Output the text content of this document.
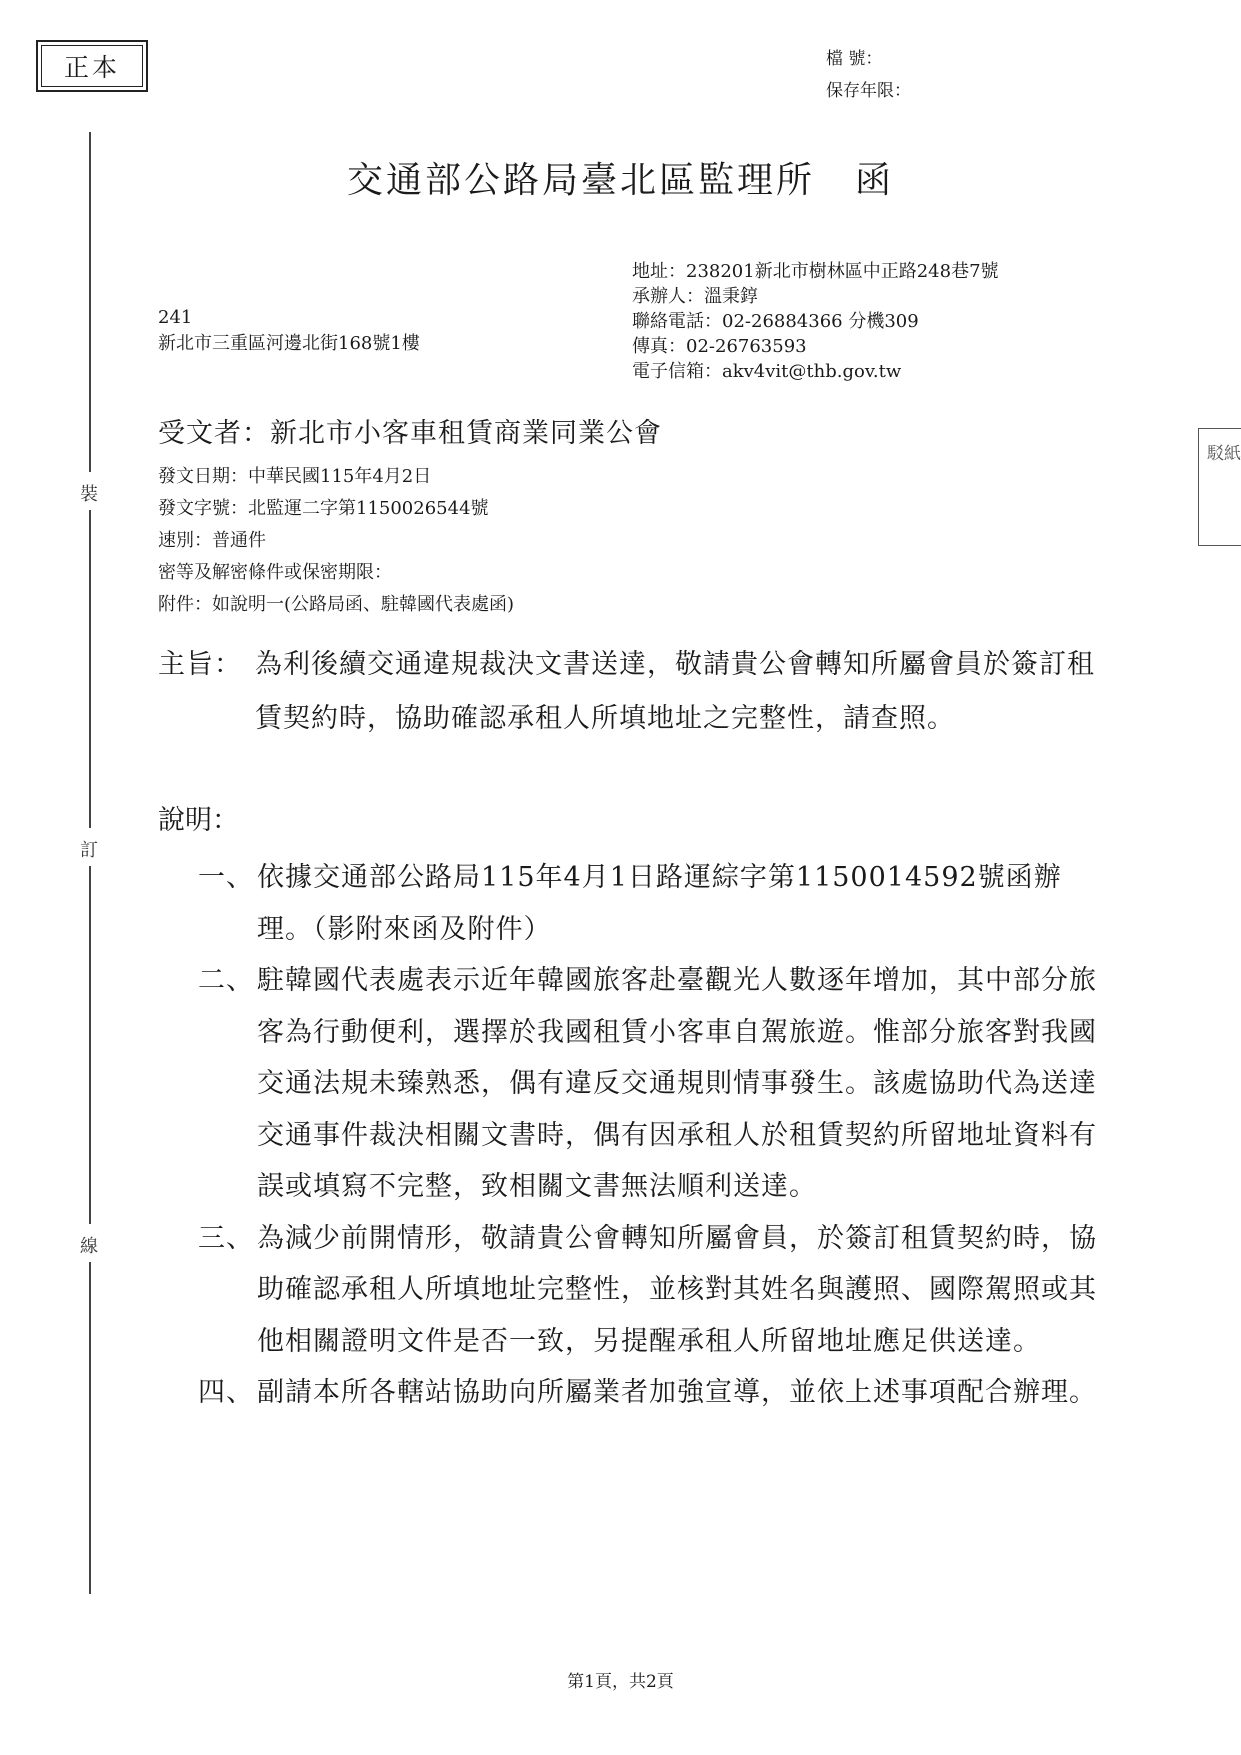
正本	檔 號：
保存年限：
裝
訂
線
駁紙
交通部公路局臺北區監理所 函
地址：238201新北市樹林區中正路248巷7號
承辦人：溫秉錞
聯絡電話：02-26884366 分機309
傳真：02-26763593
電子信箱：akv4vit@thb.gov.tw
241
新北市三重區河邊北街168號1樓
受文者：新北市小客車租賃商業同業公會
發文日期：中華民國115年4月2日
發文字號：北監運二字第1150026544號
速別：普通件
密等及解密條件或保密期限：
附件：如說明一(公路局函、駐韓國代表處函)
主旨： 為利後續交通違規裁決文書送達，敬請貴公會轉知所屬會員於簽訂租賃契約時，協助確認承租人所填地址之完整性，請查照。
說明：
一、 依據交通部公路局115年4月1日路運綜字第1150014592號函辦理。（影附來函及附件）
二、 駐韓國代表處表示近年韓國旅客赴臺觀光人數逐年增加，其中部分旅客為行動便利，選擇於我國租賃小客車自駕旅遊。惟部分旅客對我國交通法規未臻熟悉，偶有違反交通規則情事發生。該處協助代為送達交通事件裁決相關文書時，偶有因承租人於租賃契約所留地址資料有誤或填寫不完整，致相關文書無法順利送達。
三、 為減少前開情形，敬請貴公會轉知所屬會員，於簽訂租賃契約時，協助確認承租人所填地址完整性，並核對其姓名與護照、國際駕照或其他相關證明文件是否一致，另提醒承租人所留地址應足供送達。
四、 副請本所各轄站協助向所屬業者加強宣導，並依上述事項配合辦理。
第1頁，共2頁
